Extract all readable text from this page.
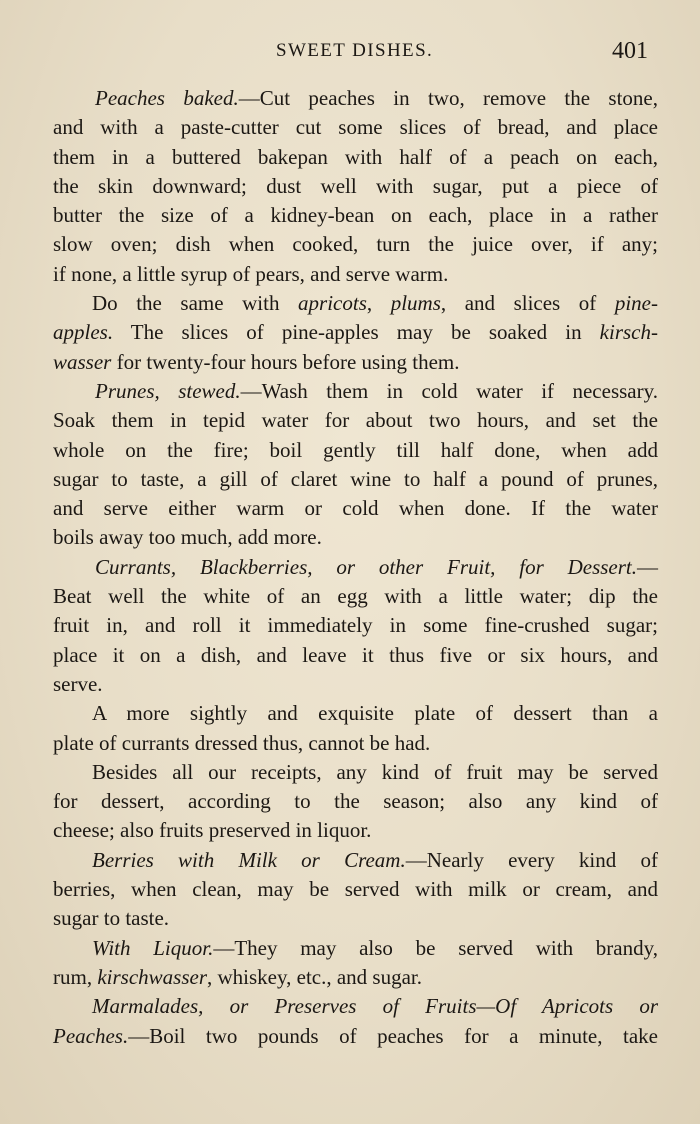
SWEET DISHES.	401
Peaches baked.—Cut peaches in two, remove the stone,
and with a paste-cutter cut some slices of bread, and place
them in a buttered bakepan with half of a peach on each,
the skin downward; dust well with sugar, put a piece of
butter the size of a kidney-bean on each, place in a rather
slow oven; dish when cooked, turn the juice over, if any;
if none, a little syrup of pears, and serve warm.
Do the same with apricots, plums, and slices of pine-
apples. The slices of pine-apples may be soaked in kirsch-
wasser for twenty-four hours before using them.
Prunes, stewed.—Wash them in cold water if necessary.
Soak them in tepid water for about two hours, and set the
whole on the fire; boil gently till half done, when add
sugar to taste, a gill of claret wine to half a pound of prunes,
and serve either warm or cold when done. If the water
boils away too much, add more.
Currants, Blackberries, or other Fruit, for Dessert.—
Beat well the white of an egg with a little water; dip the
fruit in, and roll it immediately in some fine-crushed sugar;
place it on a dish, and leave it thus five or six hours, and
serve.
A more sightly and exquisite plate of dessert than a
plate of currants dressed thus, cannot be had.
Besides all our receipts, any kind of fruit may be served
for dessert, according to the season; also any kind of
cheese; also fruits preserved in liquor.
Berries with Milk or Cream.—Nearly every kind of
berries, when clean, may be served with milk or cream, and
sugar to taste.
With Liquor.—They may also be served with brandy,
rum, kirschwasser, whiskey, etc., and sugar.
Marmalades, or Preserves of Fruits—Of Apricots or
Peaches.—Boil two pounds of peaches for a minute, take
